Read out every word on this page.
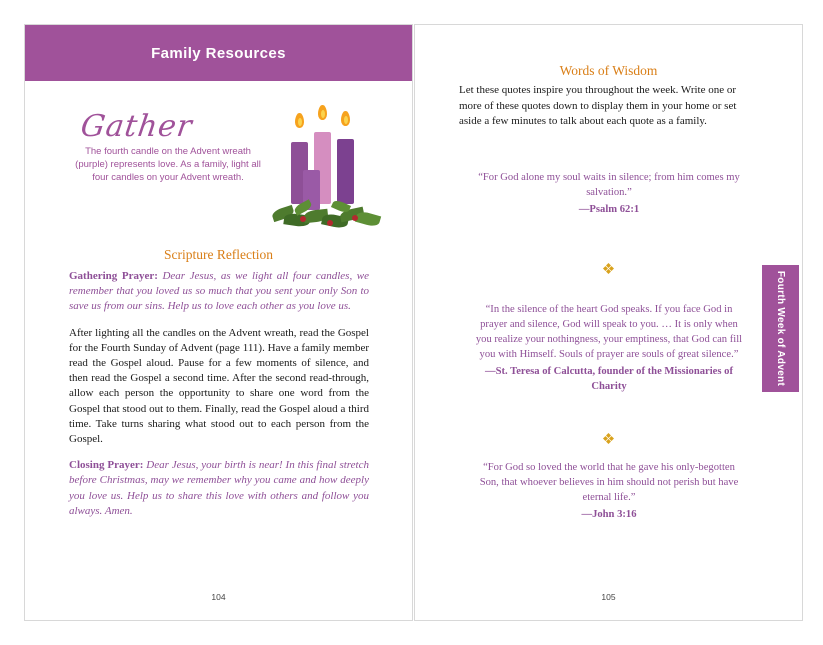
Family Resources
Gather
The fourth candle on the Advent wreath (purple) represents love. As a family, light all four candles on your Advent wreath.
Scripture Reflection

Gathering Prayer: Dear Jesus, as we light all four candles, we remember that you loved us so much that you sent your only Son to save us from our sins. Help us to love each other as you love us.

After lighting all the candles on the Advent wreath, read the Gospel for the Fourth Sunday of Advent (page 111). Have a family member read the Gospel aloud. Pause for a few moments of silence, and then read the Gospel a second time. After the second read-through, allow each person the opportunity to share one word from the Gospel that stood out to them. Finally, read the Gospel aloud a third time. Take turns sharing what stood out to each person from the Gospel.

Closing Prayer: Dear Jesus, your birth is near! In this final stretch before Christmas, may we remember why you came and how deeply you love us. Help us to share this love with others and follow you always. Amen.

104
Words of Wisdom
Let these quotes inspire you throughout the week. Write one or more of these quotes down to display them in your home or set aside a few minutes to talk about each quote as a family.
“For God alone my soul waits in silence; from him comes my salvation.”
—Psalm 62:1
❖
“In the silence of the heart God speaks. If you face God in prayer and silence, God will speak to you. … It is only when you realize your nothingness, your emptiness, that God can fill you with Himself. Souls of prayer are souls of great silence.”
—St. Teresa of Calcutta, founder of the Missionaries of Charity
❖
“For God so loved the world that he gave his only-begotten Son, that whoever believes in him should not perish but have eternal life.”
—John 3:16
105
Fourth Week of Advent
